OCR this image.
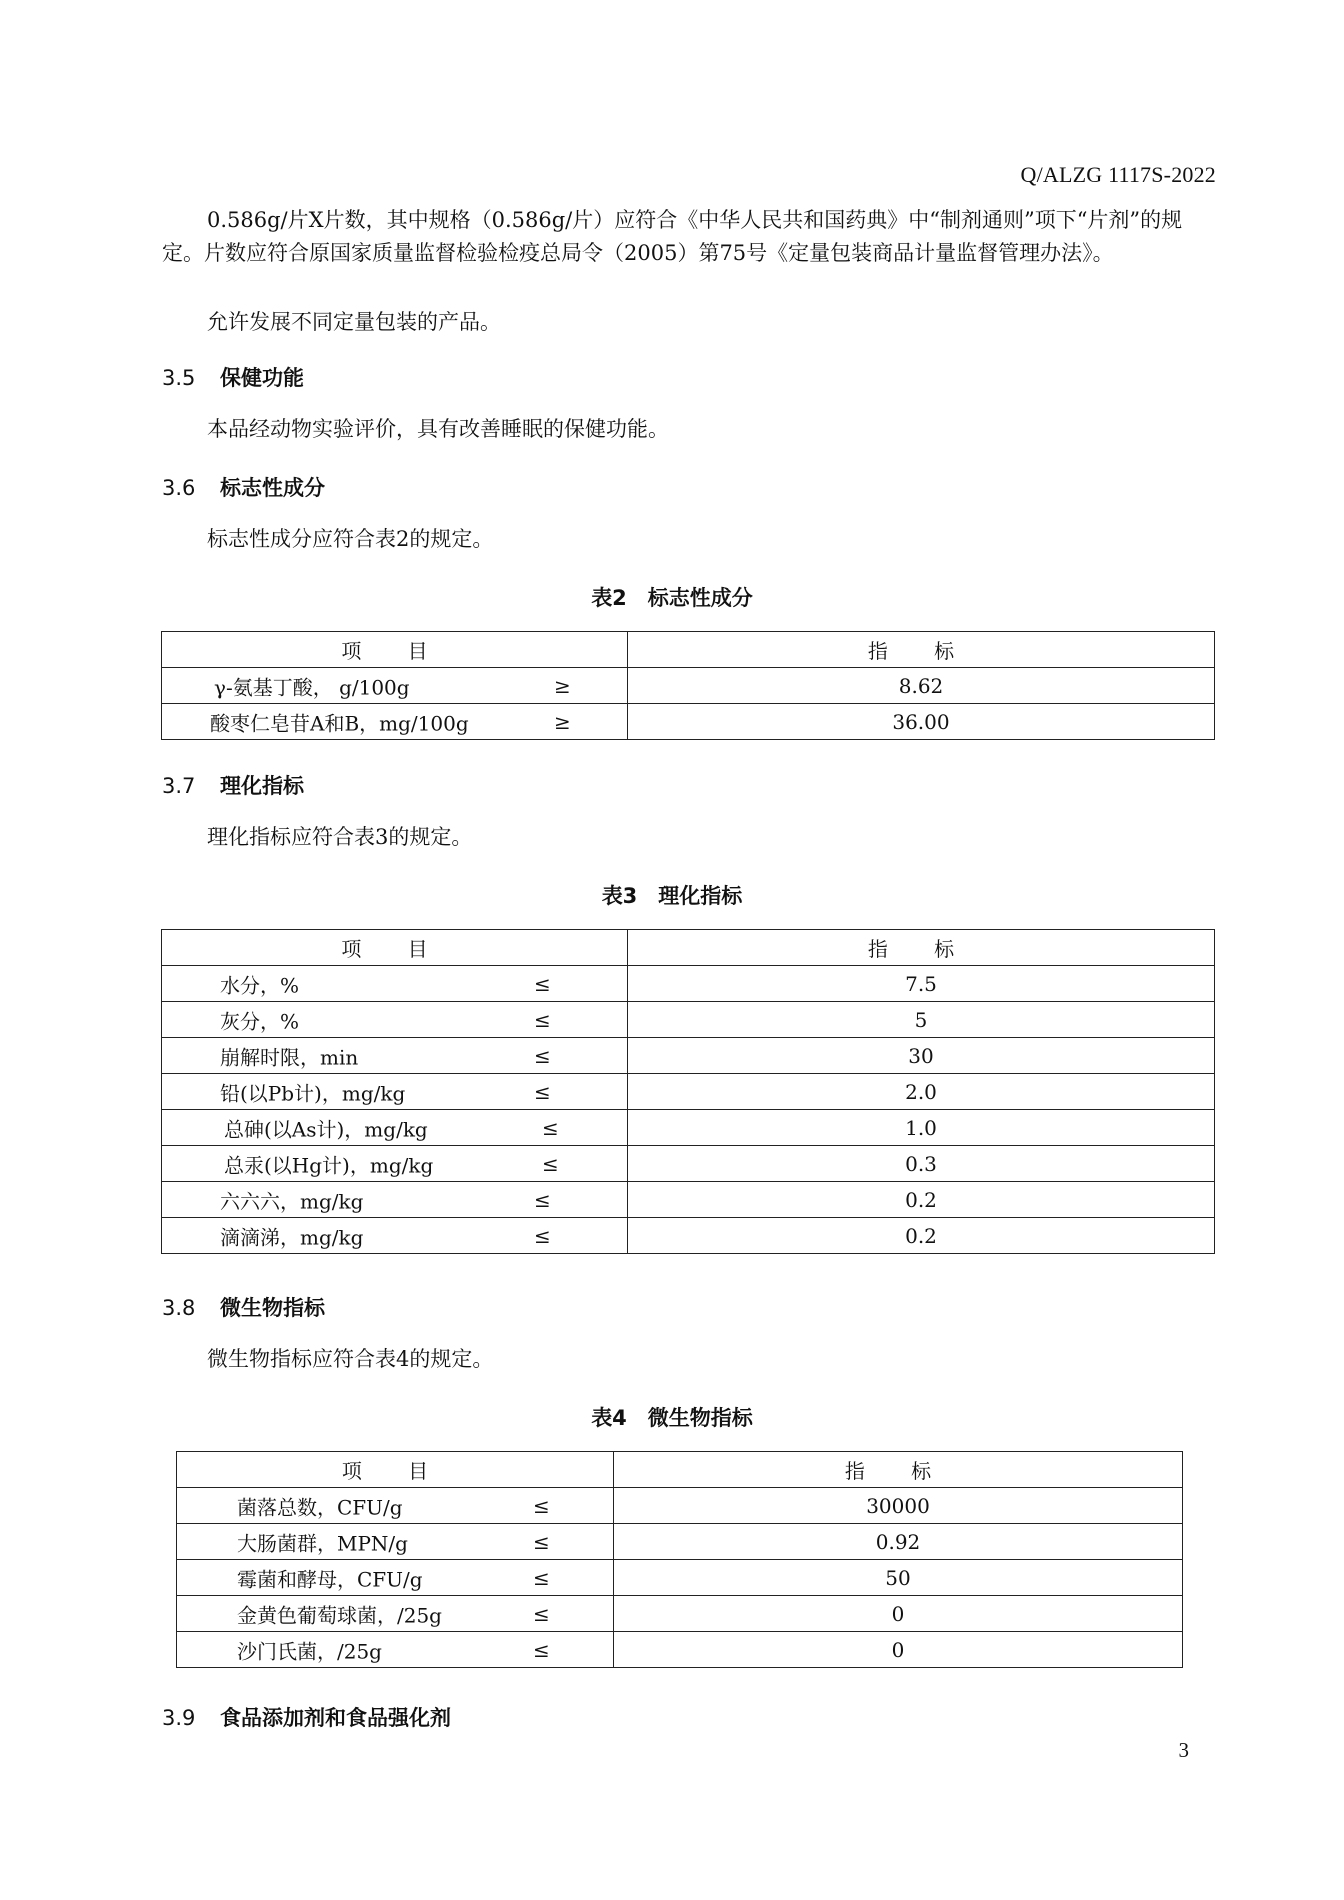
Q/ALZG 1117S-2022
0.586g/片X片数，其中规格（0.586g/片）应符合《中华人民共和国药典》中“制剂通则”项下“片剂”的规定。片数应符合原国家质量监督检验检疫总局令（2005）第75号《定量包装商品计量监督管理办法》。
允许发展不同定量包装的产品。
3.5 保健功能
本品经动物实验评价，具有改善睡眠的保健功能。
3.6 标志性成分
标志性成分应符合表2的规定。
表2　标志性成分
项 目	指 标

γ-氨基丁酸， g/100g ≥	8.62

酸枣仁皂苷A和B，mg/100g ≥	36.00
3.7 理化指标
理化指标应符合表3的规定。
表3　理化指标
项 目	指 标

水分，% ≤	7.5

灰分，% ≤	5

崩解时限，min ≤	30

铅(以Pb计)，mg/kg ≤	2.0

总砷(以As计)，mg/kg ≤	1.0

总汞(以Hg计)，mg/kg ≤	0.3

六六六，mg/kg ≤	0.2

滴滴涕，mg/kg ≤	0.2
3.8 微生物指标
微生物指标应符合表4的规定。
表4　微生物指标
项 目	指 标

菌落总数，CFU/g ≤	30000

大肠菌群，MPN/g ≤	0.92

霉菌和酵母，CFU/g ≤	50

金黄色葡萄球菌，/25g ≤	0

沙门氏菌，/25g ≤	0
3.9 食品添加剂和食品强化剂
3
